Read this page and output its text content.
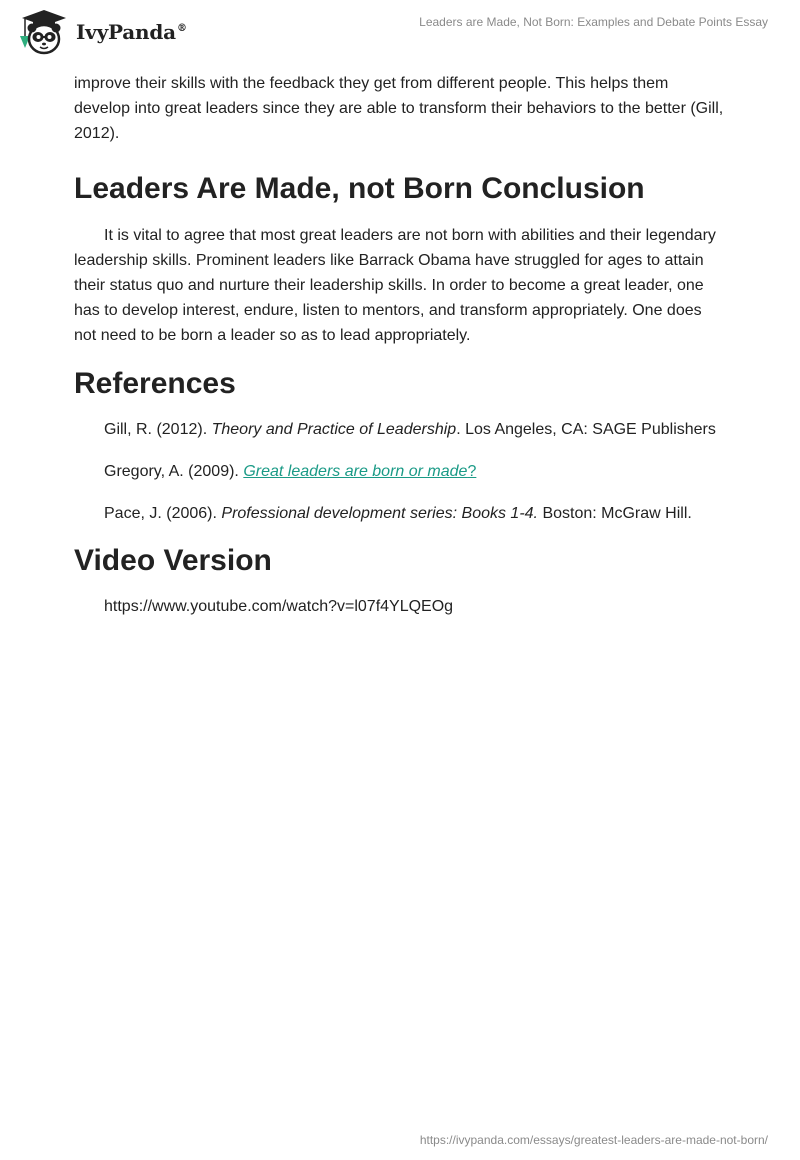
IvyPanda®	Leaders are Made, Not Born: Examples and Debate Points Essay

improve their skills with the feedback they get from different people. This helps them develop into great leaders since they are able to transform their behaviors to the better (Gill, 2012).

Leaders Are Made, not Born Conclusion

It is vital to agree that most great leaders are not born with abilities and their legendary leadership skills. Prominent leaders like Barrack Obama have struggled for ages to attain their status quo and nurture their leadership skills. In order to become a great leader, one has to develop interest, endure, listen to mentors, and transform appropriately. One does not need to be born a leader so as to lead appropriately.

References

Gill, R. (2012). Theory and Practice of Leadership. Los Angeles, CA: SAGE Publishers

Gregory, A. (2009). Great leaders are born or made?

Pace, J. (2006). Professional development series: Books 1-4. Boston: McGraw Hill.

Video Version

https://www.youtube.com/watch?v=l07f4YLQEOg

https://ivypanda.com/essays/greatest-leaders-are-made-not-born/
